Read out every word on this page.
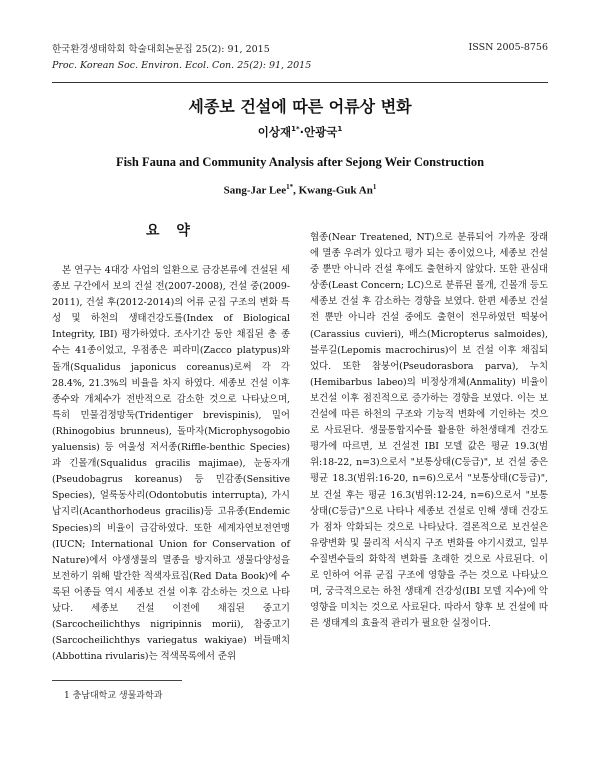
한국환경생태학회 학술대회논문집 25(2): 91, 2015
Proc. Korean Soc. Environ. Ecol. Con. 25(2): 91, 2015
ISSN 2005-8756
세종보 건설에 따른 어류상 변화
이상재$^{1*}$·안광국$^1$
Fish Fauna and Community Analysis after Sejong Weir Construction
Sang-Jar Lee$^{1*}$, Kwang-Guk An$^1$
요 약

본 연구는 4대강 사업의 일환으로 금강본류에 건설된 세종보 구간에서 보의 건설 전(2007-2008), 건설 중(2009-2011), 건설 후(2012-2014)의 어류 군집 구조의 변화 특성 및 하천의 생태건강도를(Index of Biological Integrity, IBI) 평가하였다. 조사기간 동안 채집된 총 종수는 41종이었고, 우점종은 피라미(Zacco platypus)와 돌개(Squalidus japonicus coreanus)로써 각 각 28.4%, 21.3%의 비율을 차지 하였다. 세종보 건설 이후 종수와 개체수가 전반적으로 감소한 것으로 나타났으며, 특히 민물검정망둑(Tridentiger brevispinis), 밀어(Rhinogobius brunneus), 돌마자(Microphysogobio yaluensis) 등 여울성 저서종(Riffle-benthic Species)과 긴몰개(Squalidus gracilis majimae), 눈동자개(Pseudobagrus koreanus) 등 민감종(Sensitive Species), 얼룩동사리(Odontobutis interrupta), 가시납지리(Acanthorhodeus gracilis)등 고유종(Endemic Species)의 비율이 급감하였다. 또한 세계자연보전연맹(IUCN; International Union for Conservation of Nature)에서 야생생물의 멸종을 방지하고 생물다양성을 보전하기 위해 발간한 적색자료집(Red Data Book)에 수록된 어종들 역시 세종보 건설 이후 감소하는 것으로 나타났다. 세종보 건설 이전에 채집된 중고기(Sarcocheilichthys nigripinnis morii), 참중고기(Sarcocheilichthys variegatus wakiyae) 버들매치(Abbottina rivularis)는 적색목록에서 준위

협종(Near Treatened, NT)으로 분류되어 가까운 장래에 멸종 우려가 있다고 평가 되는 종이었으나, 세종보 건설 중 뿐만 아니라 건설 후에도 출현하지 않았다. 또한 관심대상종(Least Concern; LC)으로 분류된 몰개, 긴몰개 등도 세종보 건설 후 감소하는 경향을 보였다. 한편 세종보 건설 전 뿐만 아니라 건설 중에도 출현이 전무하였던 떡붕어(Carassius cuvieri), 배스(Micropterus salmoides), 블루길(Lepomis macrochirus)이 보 건설 이후 채집되었다. 또한 참붕어(Pseudorasbora parva), 누치(Hemibarbus labeo)의 비정상개체(Anmality) 비율이 보건설 이후 점진적으로 증가하는 경향을 보였다. 이는 보건설에 따른 하천의 구조와 기능적 변화에 기인하는 것으로 사료된다. 생물통합지수를 활용한 하천생태계 건강도 평가에 따르면, 보 건설전 IBI 모델 값은 평균 19.3(범위:18-22, n=3)으로서 "보통상태(C등급)", 보 건설 중은 평균 18.3(범위:16-20, n=6)으로서 "보통상태(C등급)", 보 건설 후는 평균 16.3(범위:12-24, n=6)으로서 "보통상태(C등급)"으로 나타나 세종보 건설로 인해 생태 건강도가 점차 악화되는 것으로 나타났다. 결론적으로 보건설은 유량변화 및 물리적 서식지 구조 변화를 야기시켰고, 일부 수질변수들의 화학적 변화를 초래한 것으로 사료된다. 이로 인하여 어류 군집 구조에 영향을 주는 것으로 나타났으며, 궁극적으로는 하천 생태계 건강성(IBI 모델 지수)에 악영향을 미치는 것으로 사료된다. 따라서 향후 보 건설에 따른 생태계의 효율적 관리가 필요한 실정이다.

1 충남대학교 생물과학과
